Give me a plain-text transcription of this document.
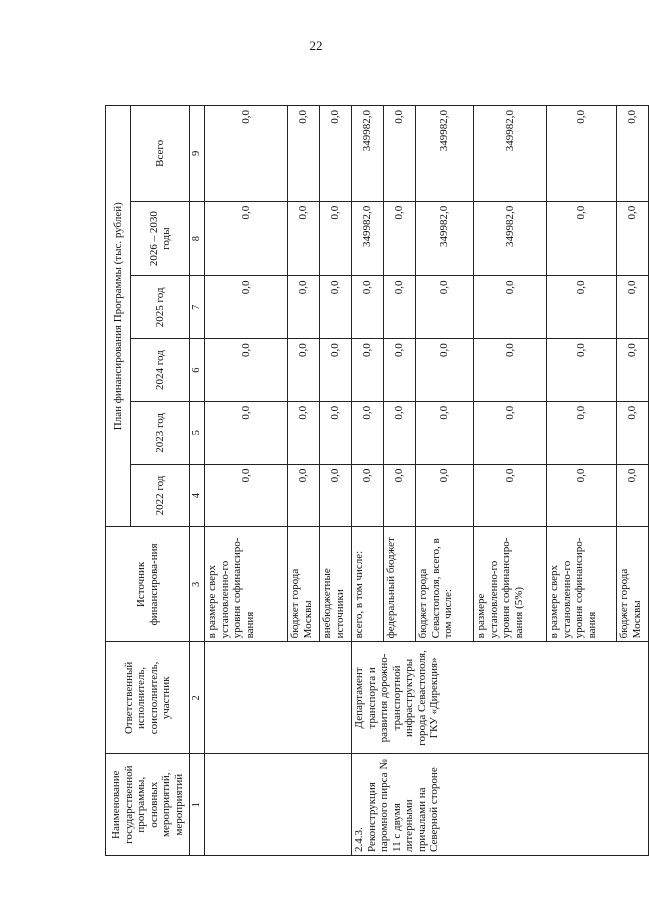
22
Наименование государственной программы, основных мероприятий, мероприятий	Ответственный исполнитель, соисполнитель, участник	Источник финансирова-ния	План финансирования Программы (тыс. рублей)					
			2022 год	2023 год	2024 год	2025 год	2026 – 2030 годы	Всего
1	2	3	4	5	6	7	8	9
		в размере сверх установленно-го уровня софинансиро-вания	0,0	0,0	0,0	0,0	0,0	0,0
		бюджет города Москвы	0,0	0,0	0,0	0,0	0,0	0,0
		внебюджетные источники	0,0	0,0	0,0	0,0	0,0	0,0
2.4.3. Реконструкция паромного пирса № 11 с двумя литерными причалами на Северной стороне	Департамент транспорта и развития дорожно-транспортной инфраструктуры города Севастополя, ГКУ «Дирекция»	всего, в том числе:	0,0	0,0	0,0	0,0	349982,0	349982,0
		федеральный бюджет	0,0	0,0	0,0	0,0	0,0	0,0
		бюджет города Севастополя, всего, в том числе:	0,0	0,0	0,0	0,0	349982,0	349982,0
		в размере установленно-го уровня софинансиро-вания (5%)	0,0	0,0	0,0	0,0	349982,0	349982,0
		в размере сверх установленно-го уровня софинансиро-вания	0,0	0,0	0,0	0,0	0,0	0,0
		бюджет города Москвы	0,0	0,0	0,0	0,0	0,0	0,0
